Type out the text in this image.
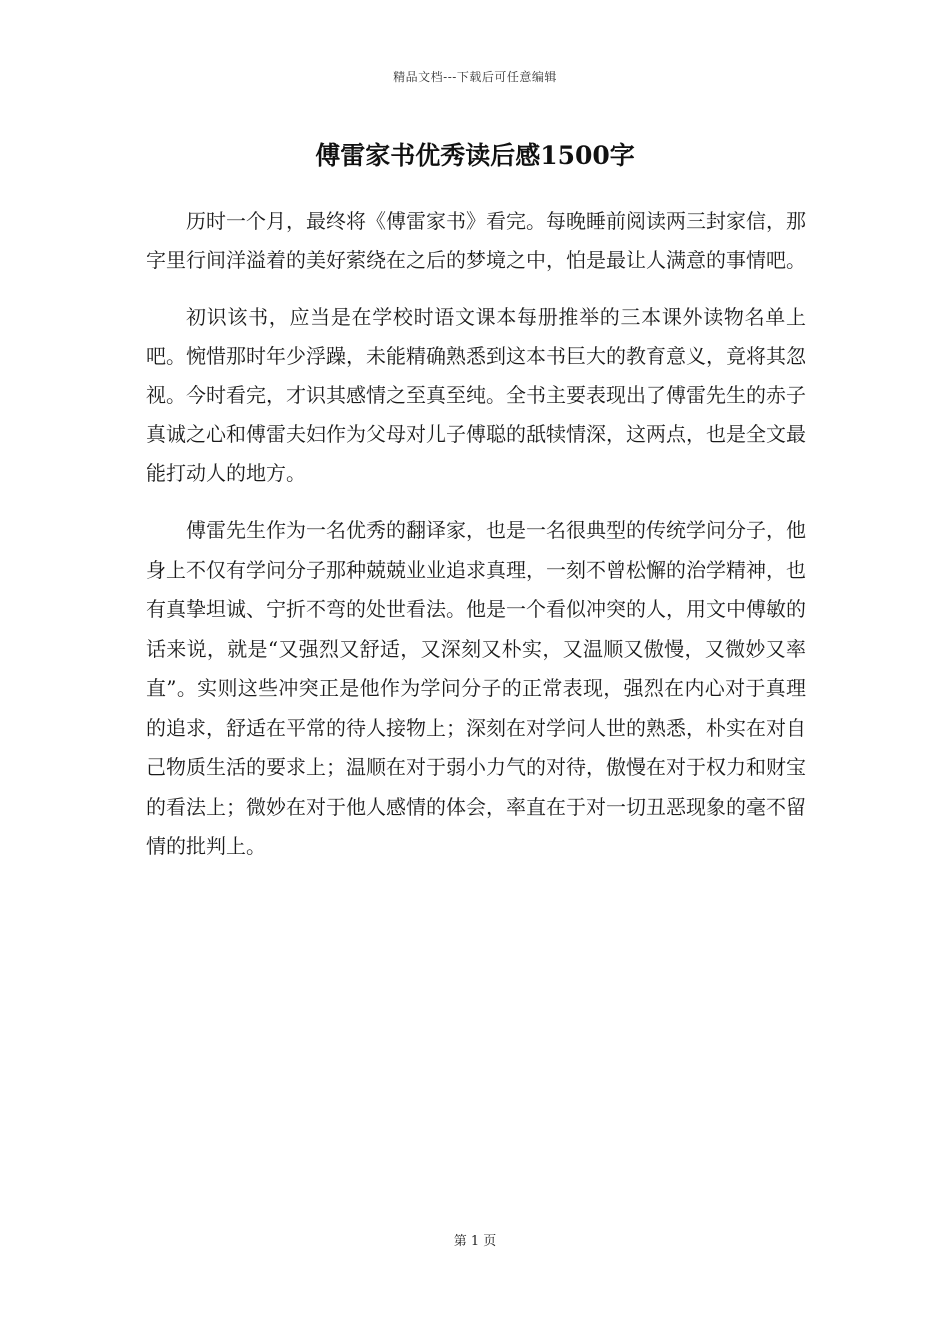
精品文档---下载后可任意编辑
傅雷家书优秀读后感1500字

历时一个月，最终将《傅雷家书》看完。每晚睡前阅读两三封家信，那字里行间洋溢着的美好萦绕在之后的梦境之中，怕是最让人满意的事情吧。

初识该书，应当是在学校时语文课本每册推举的三本课外读物名单上吧。惋惜那时年少浮躁，未能精确熟悉到这本书巨大的教育意义，竟将其忽视。今时看完，才识其感情之至真至纯。全书主要表现出了傅雷先生的赤子真诚之心和傅雷夫妇作为父母对儿子傅聪的舐犊情深，这两点，也是全文最能打动人的地方。

傅雷先生作为一名优秀的翻译家，也是一名很典型的传统学问分子，他身上不仅有学问分子那种兢兢业业追求真理，一刻不曾松懈的治学精神，也有真挚坦诚、宁折不弯的处世看法。他是一个看似冲突的人，用文中傅敏的话来说，就是“又强烈又舒适，又深刻又朴实，又温顺又傲慢，又微妙又率直”。实则这些冲突正是他作为学问分子的正常表现，强烈在内心对于真理的追求，舒适在平常的待人接物上；深刻在对学问人世的熟悉，朴实在对自己物质生活的要求上；温顺在对于弱小力气的对待，傲慢在对于权力和财宝的看法上；微妙在对于他人感情的体会，率直在于对一切丑恶现象的毫不留情的批判上。

第 1 页
